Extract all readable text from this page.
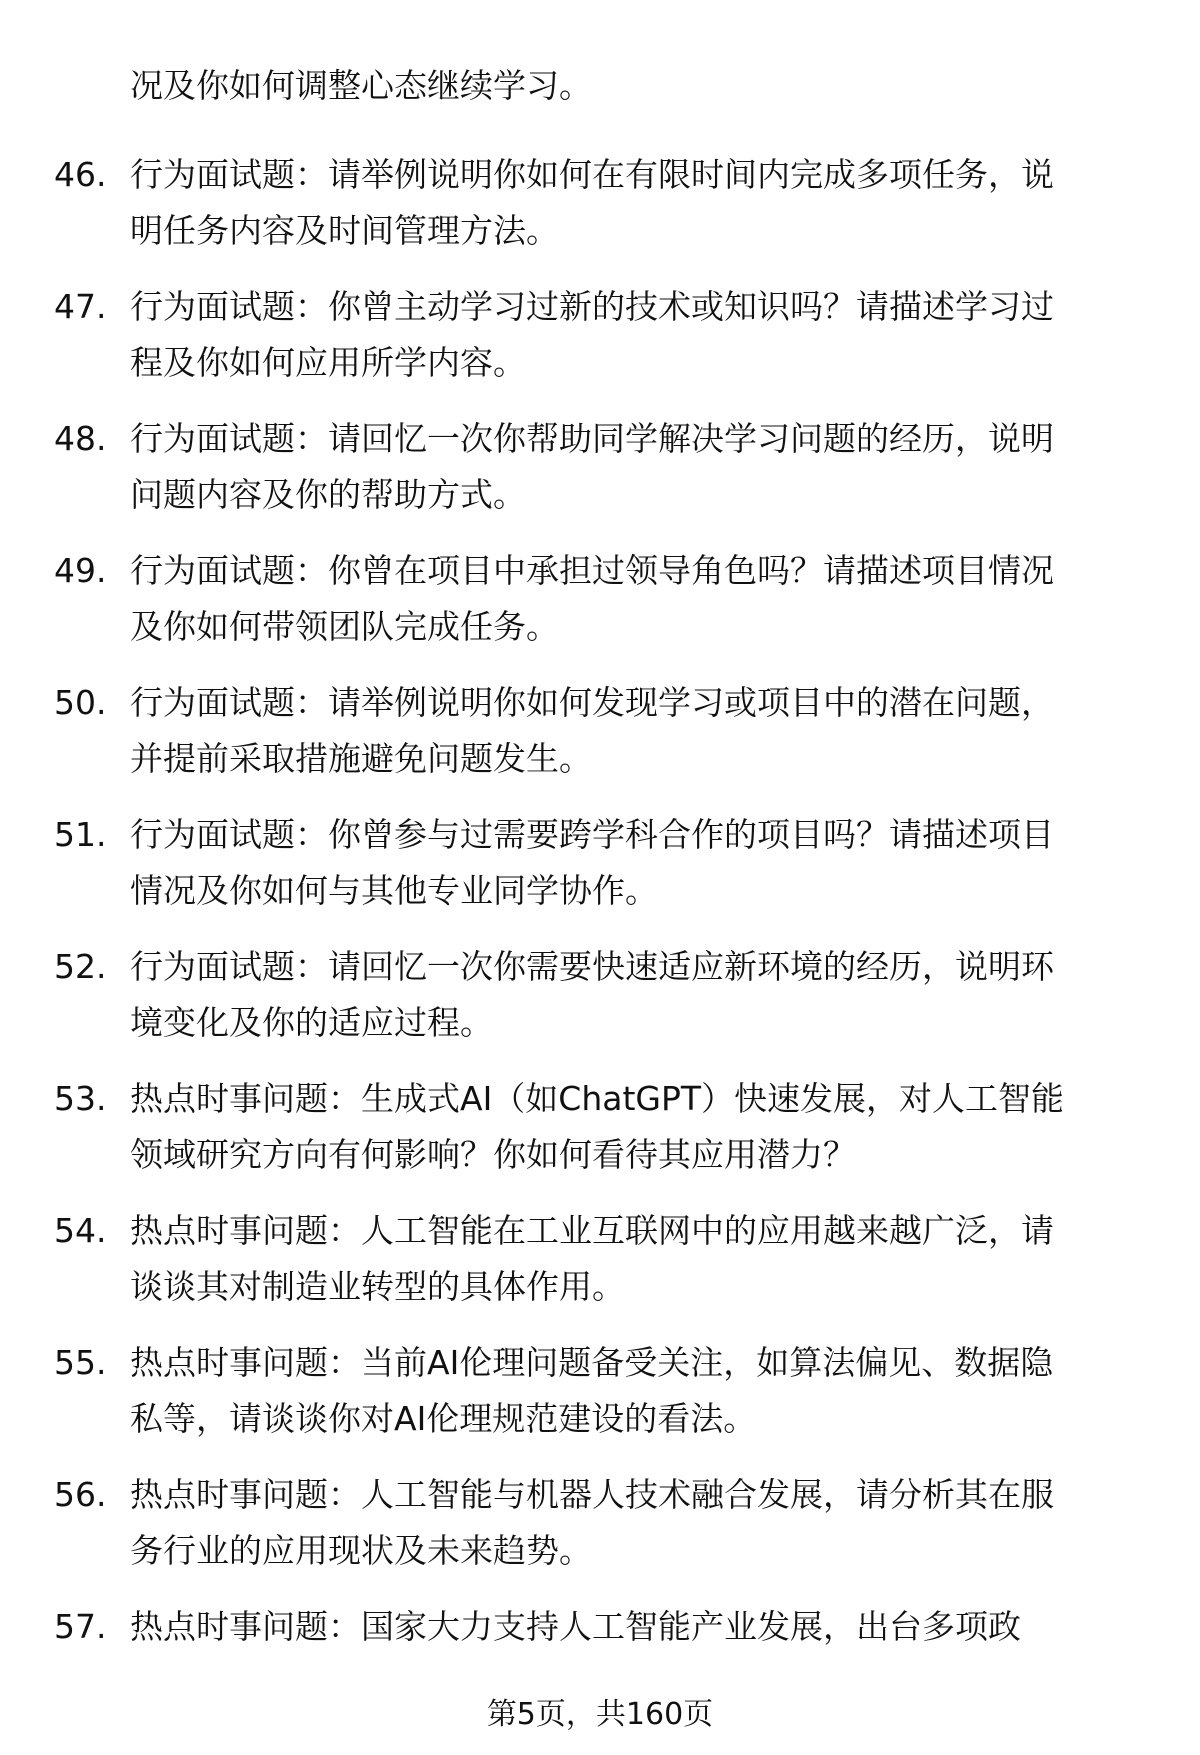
况及你如何调整心态继续学习。
46. 行为面试题：请举例说明你如何在有限时间内完成多项任务，说
明任务内容及时间管理方法。
47. 行为面试题：你曾主动学习过新的技术或知识吗？请描述学习过
程及你如何应用所学内容。
48. 行为面试题：请回忆一次你帮助同学解决学习问题的经历，说明
问题内容及你的帮助方式。
49. 行为面试题：你曾在项目中承担过领导角色吗？请描述项目情况
及你如何带领团队完成任务。
50. 行为面试题：请举例说明你如何发现学习或项目中的潜在问题，
并提前采取措施避免问题发生。
51. 行为面试题：你曾参与过需要跨学科合作的项目吗？请描述项目
情况及你如何与其他专业同学协作。
52. 行为面试题：请回忆一次你需要快速适应新环境的经历，说明环
境变化及你的适应过程。
53. 热点时事问题：生成式AI（如ChatGPT）快速发展，对人工智能
领域研究方向有何影响？你如何看待其应用潜力？
54. 热点时事问题：人工智能在工业互联网中的应用越来越广泛，请
谈谈其对制造业转型的具体作用。
55. 热点时事问题：当前AI伦理问题备受关注，如算法偏见、数据隐
私等，请谈谈你对AI伦理规范建设的看法。
56. 热点时事问题：人工智能与机器人技术融合发展，请分析其在服
务行业的应用现状及未来趋势。
57. 热点时事问题：国家大力支持人工智能产业发展，出台多项政
第5页，共160页
